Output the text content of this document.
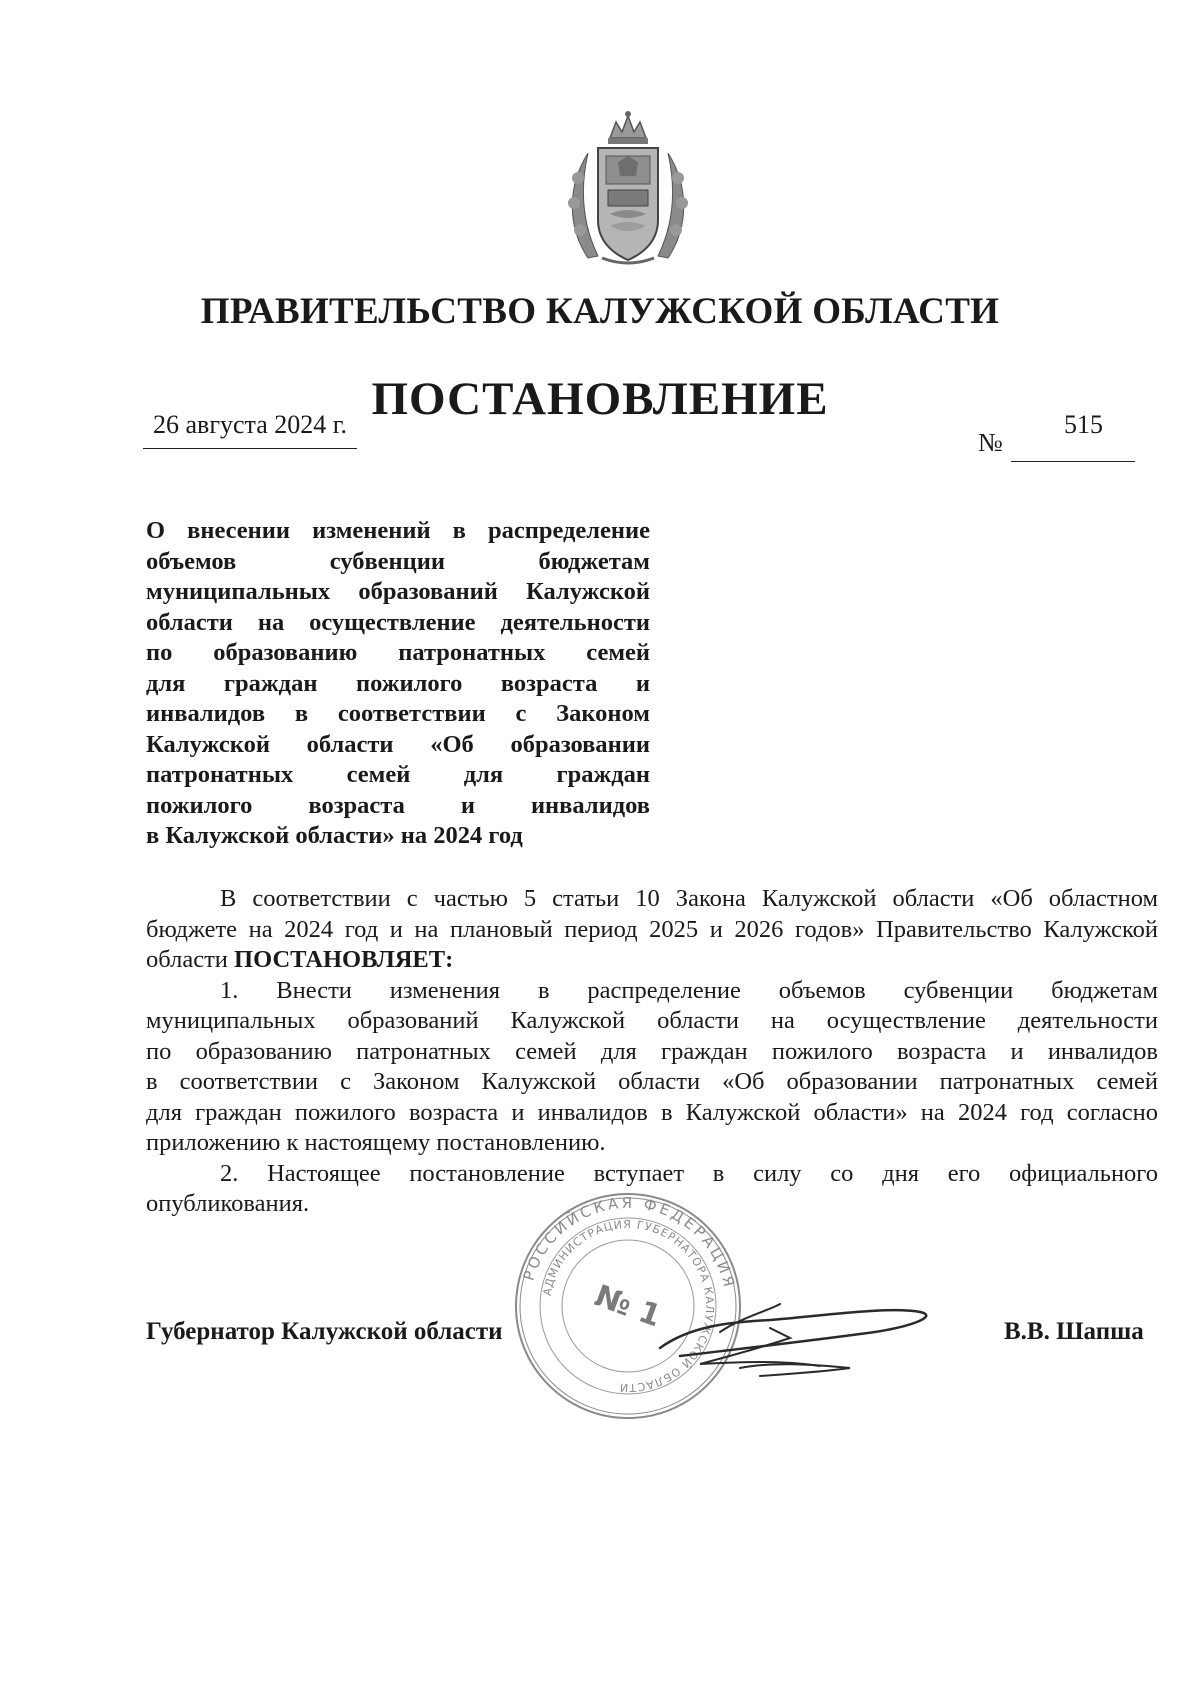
ПРАВИТЕЛЬСТВО КАЛУЖСКОЙ ОБЛАСТИ
ПОСТАНОВЛЕНИЕ
26 августа 2024 г.
№
515
О внесении изменений в распределение
объемов субвенции бюджетам
муниципальных образований Калужской
области на осуществление деятельности
по образованию патронатных семей
для граждан пожилого возраста и
инвалидов в соответствии с Законом
Калужской области «Об образовании
патронатных семей для граждан
пожилого возраста и инвалидов
в Калужской области» на 2024 год
В соответствии с частью 5 статьи 10 Закона Калужской области «Об областном
бюджете на 2024 год и на плановый период 2025 и 2026 годов» Правительство Калужской
области ПОСТАНОВЛЯЕТ:
1. Внести изменения в распределение объемов субвенции бюджетам
муниципальных образований Калужской области на осуществление деятельности
по образованию патронатных семей для граждан пожилого возраста и инвалидов
в соответствии с Законом Калужской области «Об образовании патронатных семей
для граждан пожилого возраста и инвалидов в Калужской области» на 2024 год согласно
приложению к настоящему постановлению.
2. Настоящее постановление вступает в силу со дня его официального
опубликования.
РОССИЙСКАЯ ФЕДЕРАЦИЯ
АДМИНИСТРАЦИЯ ГУБЕРНАТОРА КАЛУЖСКОЙ ОБЛАСТИ
№ 1
Губернатор Калужской области	В.В. Шапша
